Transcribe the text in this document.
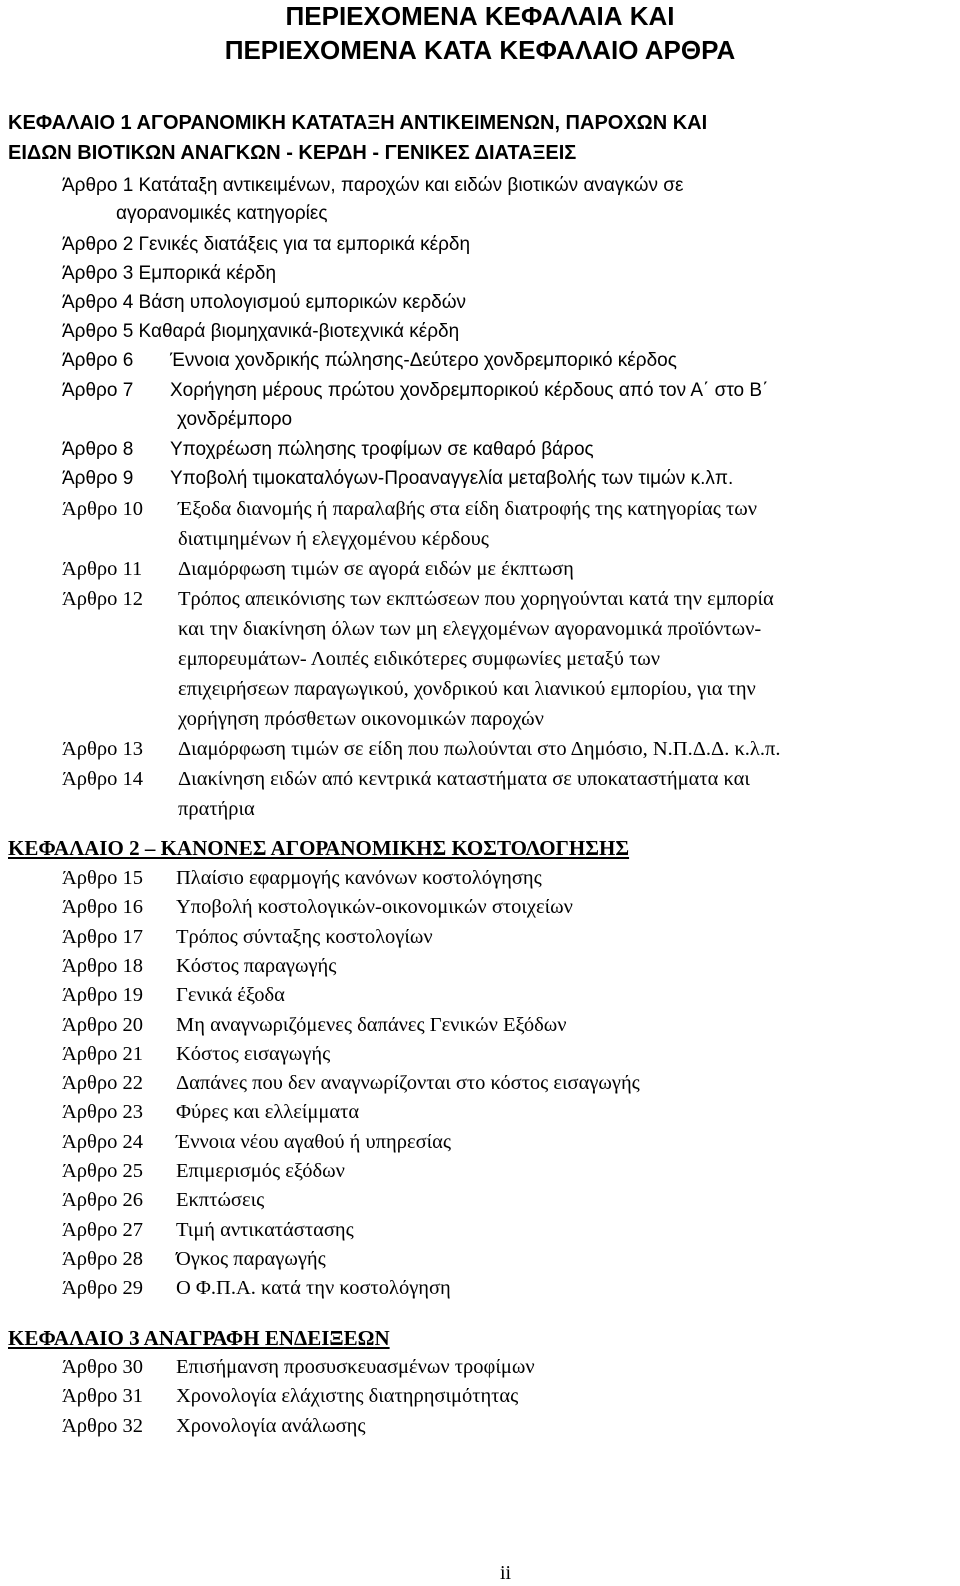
ΠΕΡΙΕΧΟΜΕΝΑ ΚΕΦΑΛΑΙΑ ΚΑΙ
ΠΕΡΙΕΧΟΜΕΝΑ ΚΑΤΑ ΚΕΦΑΛΑΙΟ ΑΡΘΡΑ
ΚΕΦΑΛΑΙΟ 1 ΑΓΟΡΑΝΟΜΙΚΗ ΚΑΤΑΤΑΞΗ ΑΝΤΙΚΕΙΜΕΝΩΝ, ΠΑΡΟΧΩΝ ΚΑΙ
ΕΙΔΩΝ ΒΙΟΤΙΚΩΝ ΑΝΑΓΚΩΝ - ΚΕΡΔΗ - ΓΕΝΙΚΕΣ ΔΙΑΤΑΞΕΙΣ
Άρθρο 1 Κατάταξη αντικειμένων, παροχών και ειδών βιοτικών αναγκών σε
αγορανομικές κατηγορίες
Άρθρο 2 Γενικές διατάξεις για τα εμπορικά κέρδη
Άρθρο 3 Εμπορικά κέρδη
Άρθρο 4 Βάση υπολογισμού εμπορικών κερδών
Άρθρο 5 Καθαρά βιομηχανικά-βιοτεχνικά κέρδη
Άρθρο 6 Έννοια χονδρικής πώλησης-Δεύτερο χονδρεμπορικό κέρδος
Άρθρο 7 Χορήγηση μέρους πρώτου χονδρεμπορικού κέρδους από τον Α΄ στο Β΄
χονδρέμπορο
Άρθρο 8 Υποχρέωση πώλησης τροφίμων σε καθαρό βάρος
Άρθρο 9 Υποβολή τιμοκαταλόγων-Προαναγγελία μεταβολής των τιμών κ.λπ.
Άρθρο 10 Έξοδα διανομής ή παραλαβής στα είδη διατροφής της κατηγορίας των
διατιμημένων ή ελεγχομένου κέρδους
Άρθρο 11 Διαμόρφωση τιμών σε αγορά ειδών με έκπτωση
Άρθρο 12 Τρόπος απεικόνισης των εκπτώσεων που χορηγούνται κατά την εμπορία
και την διακίνηση όλων των μη ελεγχομένων αγορανομικά προϊόντων-
εμπορευμάτων- Λοιπές ειδικότερες συμφωνίες μεταξύ των
επιχειρήσεων παραγωγικού, χονδρικού και λιανικού εμπορίου, για την
χορήγηση πρόσθετων οικονομικών παροχών
Άρθρο 13 Διαμόρφωση τιμών σε είδη που πωλούνται στο Δημόσιο, Ν.Π.Δ.Δ. κ.λ.π.
Άρθρο 14 Διακίνηση ειδών από κεντρικά καταστήματα σε υποκαταστήματα και
πρατήρια
ΚΕΦΑΛΑΙΟ 2 – ΚΑΝΟΝΕΣ ΑΓΟΡΑΝΟΜΙΚΗΣ ΚΟΣΤΟΛΟΓΗΣΗΣ
Άρθρο 15 Πλαίσιο εφαρμογής κανόνων κοστολόγησης
Άρθρο 16 Υποβολή κοστολογικών-οικονομικών στοιχείων
Άρθρο 17 Τρόπος σύνταξης κοστολογίων
Άρθρο 18 Κόστος παραγωγής
Άρθρο 19 Γενικά έξοδα
Άρθρο 20 Μη αναγνωριζόμενες δαπάνες Γενικών Εξόδων
Άρθρο 21 Κόστος εισαγωγής
Άρθρο 22 Δαπάνες που δεν αναγνωρίζονται στο κόστος εισαγωγής
Άρθρο 23 Φύρες και ελλείμματα
Άρθρο 24 Έννοια νέου αγαθού ή υπηρεσίας
Άρθρο 25 Επιμερισμός εξόδων
Άρθρο 26 Εκπτώσεις
Άρθρο 27 Τιμή αντικατάστασης
Άρθρο 28 Όγκος παραγωγής
Άρθρο 29 Ο Φ.Π.Α. κατά την κοστολόγηση
ΚΕΦΑΛΑΙΟ 3 ΑΝΑΓΡΑΦΗ ΕΝΔΕΙΞΕΩΝ
Άρθρο 30 Επισήμανση προσυσκευασμένων τροφίμων
Άρθρο 31 Χρονολογία ελάχιστης διατηρησιμότητας
Άρθρο 32 Χρονολογία ανάλωσης
ii
